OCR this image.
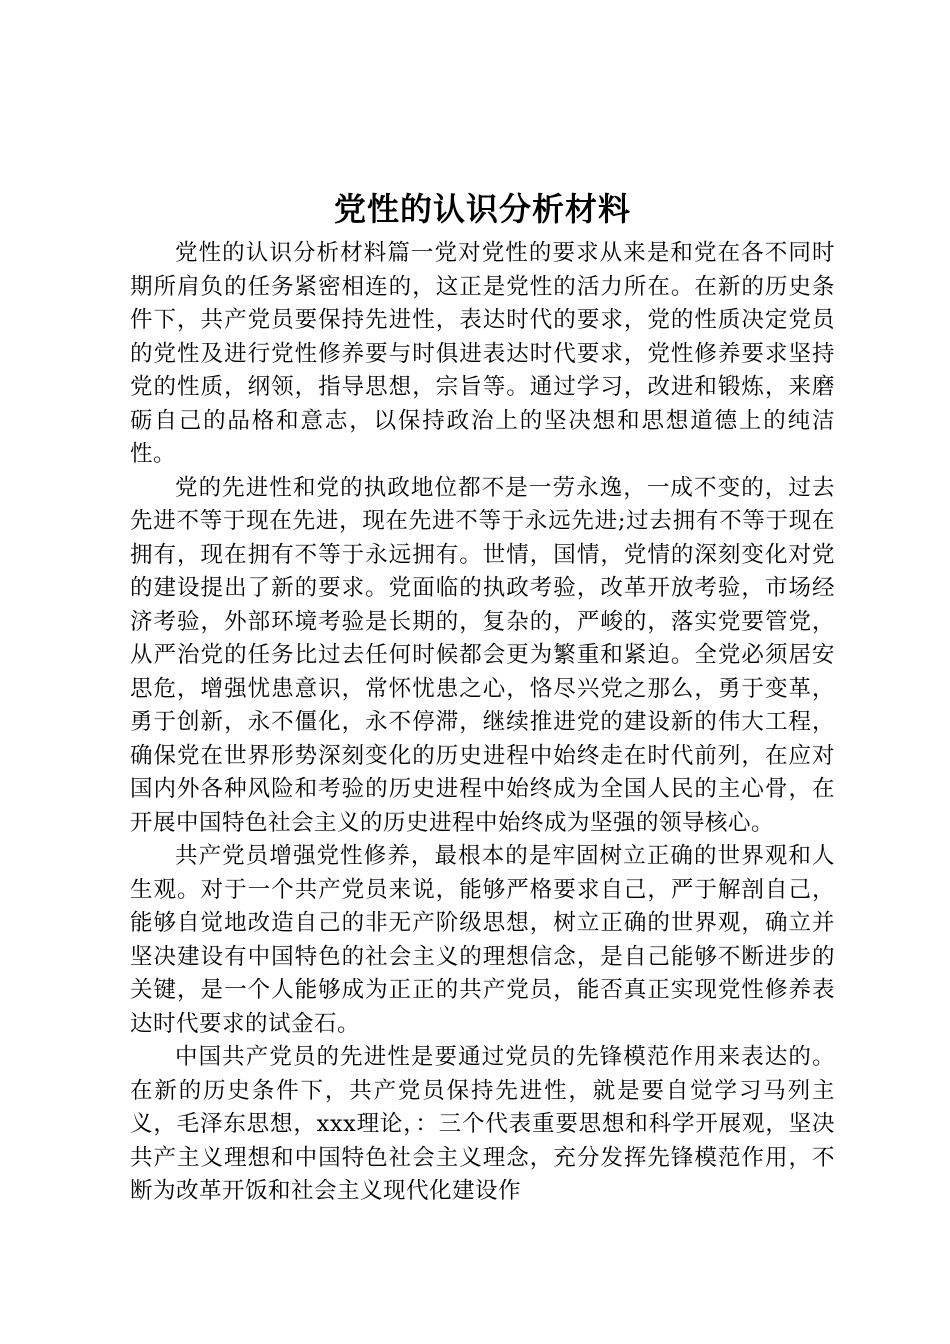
党性的认识分析材料

党性的认识分析材料篇一党对党性的要求从来是和党在各不同时期所肩负的任务紧密相连的，这正是党性的活力所在。在新的历史条件下，共产党员要保持先进性，表达时代的要求，党的性质决定党员的党性及进行党性修养要与时俱进表达时代要求，党性修养要求坚持党的性质，纲领，指导思想，宗旨等。通过学习，改进和锻炼，来磨砺自己的品格和意志，以保持政治上的坚决想和思想道德上的纯洁性。

党的先进性和党的执政地位都不是一劳永逸，一成不变的，过去先进不等于现在先进，现在先进不等于永远先进;过去拥有不等于现在拥有，现在拥有不等于永远拥有。世情，国情，党情的深刻变化对党的建设提出了新的要求。党面临的执政考验，改革开放考验，市场经济考验，外部环境考验是长期的，复杂的，严峻的，落实党要管党，从严治党的任务比过去任何时候都会更为繁重和紧迫。全党必须居安思危，增强忧患意识，常怀忧患之心，恪尽兴党之那么，勇于变革，勇于创新，永不僵化，永不停滞，继续推进党的建设新的伟大工程，确保党在世界形势深刻变化的历史进程中始终走在时代前列，在应对国内外各种风险和考验的历史进程中始终成为全国人民的主心骨，在开展中国特色社会主义的历史进程中始终成为坚强的领导核心。

共产党员增强党性修养，最根本的是牢固树立正确的世界观和人生观。对于一个共产党员来说，能够严格要求自己，严于解剖自己，能够自觉地改造自己的非无产阶级思想，树立正确的世界观，确立并坚决建设有中国特色的社会主义的理想信念，是自己能够不断进步的关键，是一个人能够成为正正的共产党员，能否真正实现党性修养表达时代要求的试金石。

中国共产党员的先进性是要通过党员的先锋模范作用来表达的。在新的历史条件下，共产党员保持先进性，就是要自觉学习马列主义，毛泽东思想，xxx理论，：三个代表重要思想和科学开展观，坚决共产主义理想和中国特色社会主义理念，充分发挥先锋模范作用，不断为改革开饭和社会主义现代化建设作
